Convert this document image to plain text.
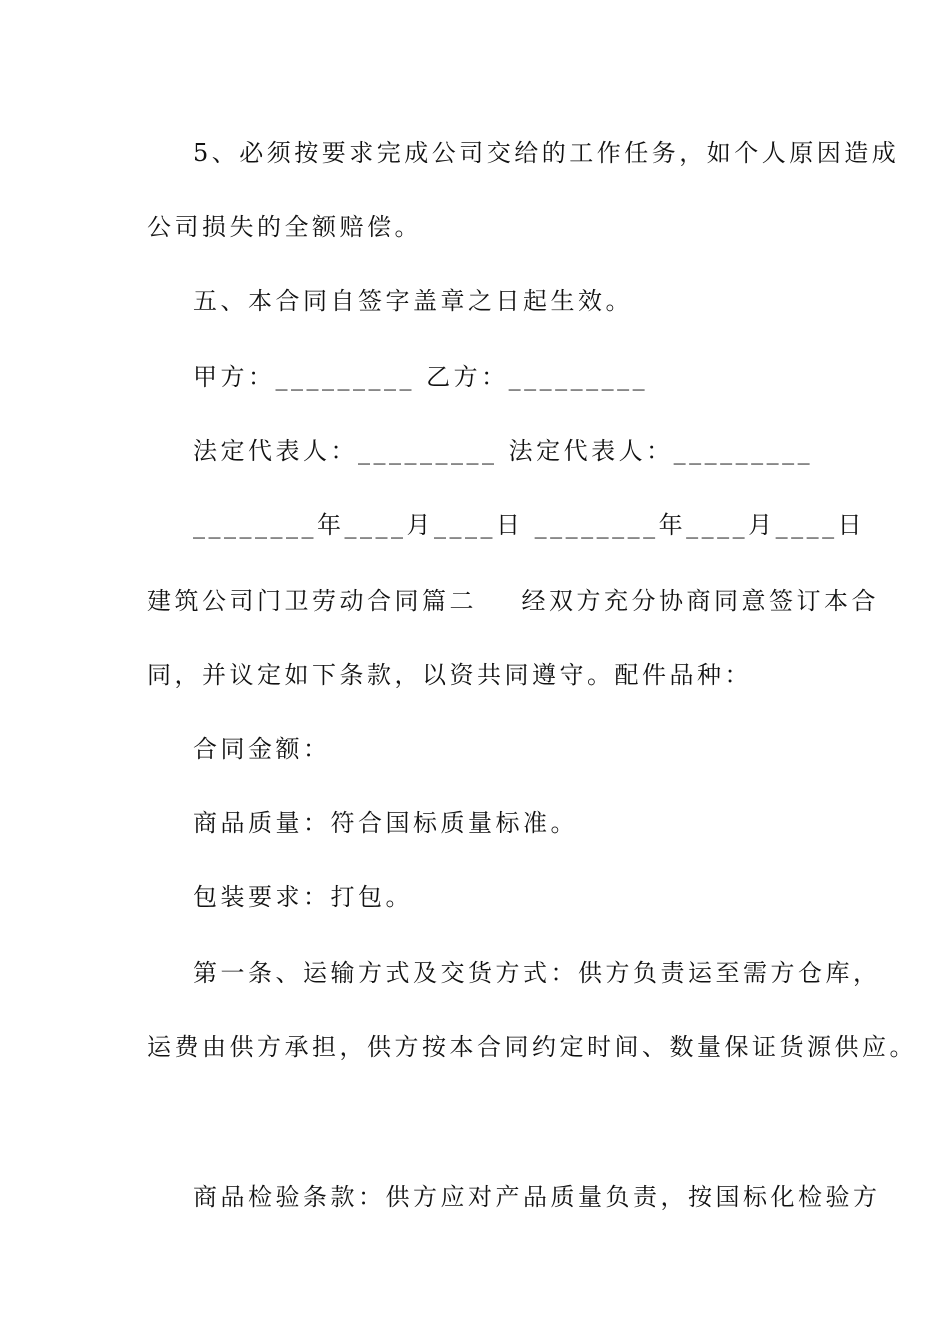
5、必须按要求完成公司交给的工作任务，如个人原因造成
公司损失的全额赔偿。
五、本合同自签字盖章之日起生效。
甲方：_________ 乙方：_________
法定代表人：_________ 法定代表人：_________
________年____月____日 ________年____月____日
建筑公司门卫劳动合同篇二    经双方充分协商同意签订本合
同，并议定如下条款，以资共同遵守。配件品种：
合同金额：
商品质量：符合国标质量标准。
包装要求：打包。
第一条、运输方式及交货方式：供方负责运至需方仓库，
运费由供方承担，供方按本合同约定时间、数量保证货源供应。
商品检验条款：供方应对产品质量负责，按国标化检验方
